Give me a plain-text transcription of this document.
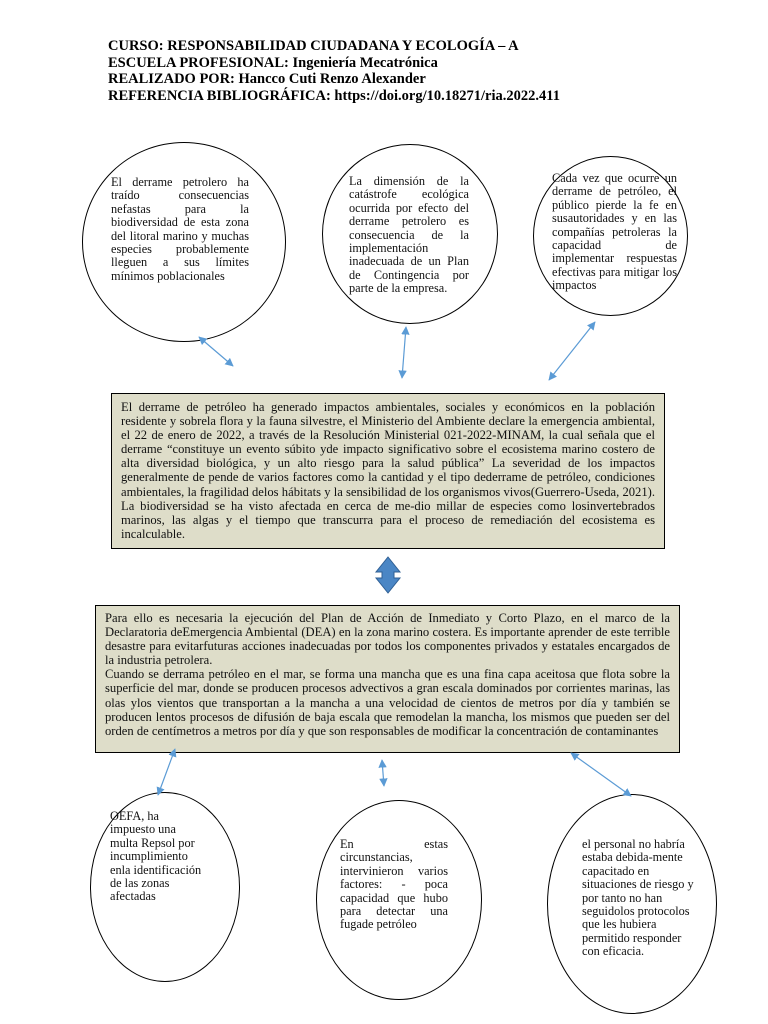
CURSO: RESPONSABILIDAD CIUDADANA Y ECOLOGÍA – A
ESCUELA PROFESIONAL: Ingeniería Mecatrónica
REALIZADO POR: Hancco Cuti Renzo Alexander
REFERENCIA BIBLIOGRÁFICA: https://doi.org/10.18271/ria.2022.411
El derrame petrolero ha traído consecuencias nefastas para la biodiversidad de esta zona del litoral marino y muchas especies probablemente lleguen a sus límites mínimos poblacionales
La dimensión de la catástrofe ecológica ocurrida por efecto del derrame petrolero es consecuencia de la implementación inadecuada de un Plan de Contingencia por parte de la empresa.
Cada vez que ocurre un derrame de petróleo, el público pierde la fe en susautoridades y en las compañías petroleras la capacidad de implementar respuestas efectivas para mitigar los impactos
El derrame de petróleo ha generado impactos ambientales, sociales y económicos en la población residente y sobrela flora y la fauna silvestre, el Ministerio del Ambiente declare la emergencia ambiental, el 22 de enero de 2022, a través de la Resolución Ministerial 021-2022-MINAM, la cual señala que el derrame “constituye un evento súbito yde impacto significativo sobre el ecosistema marino costero de alta diversidad biológica, y un alto riesgo para la salud pública” La severidad de los impactos generalmente de pende de varios factores como la cantidad y el tipo dederrame de petróleo, condiciones ambientales, la fragilidad delos hábitats y la sensibilidad de los organismos vivos(Guerrero-Useda, 2021). La biodiversidad se ha visto afectada en cerca de me-dio millar de especies como losinvertebrados marinos, las algas y el tiempo que transcurra para el proceso de remediación del ecosistema es incalculable.
Para ello es necesaria la ejecución del Plan de Acción de Inmediato y Corto Plazo, en el marco de la Declaratoria deEmergencia Ambiental (DEA) en la zona marino costera. Es importante aprender de este terrible desastre para evitarfuturas acciones inadecuadas por todos los componentes privados y estatales encargados de la industria petrolera.
Cuando se derrama petróleo en el mar, se forma una mancha que es una fina capa aceitosa que flota sobre la superficie del mar, donde se producen procesos advectivos a gran escala dominados por corrientes marinas, las olas ylos vientos que transportan a la mancha a una velocidad de cientos de metros por día y también se producen lentos procesos de difusión de baja escala que remodelan la mancha, los mismos que pueden ser del orden de centímetros a metros por día y que son responsables de modificar la concentración de contaminantes
OEFA, ha impuesto una multa Repsol por incumplimiento enla identificación de las zonas afectadas
En estas circunstancias, intervinieron varios factores: - poca capacidad que hubo para detectar una fugade petróleo
el personal no habría estaba debida-mente capacitado en situaciones de riesgo y por tanto no han seguidolos protocolos que les hubiera permitido responder con eficacia.
